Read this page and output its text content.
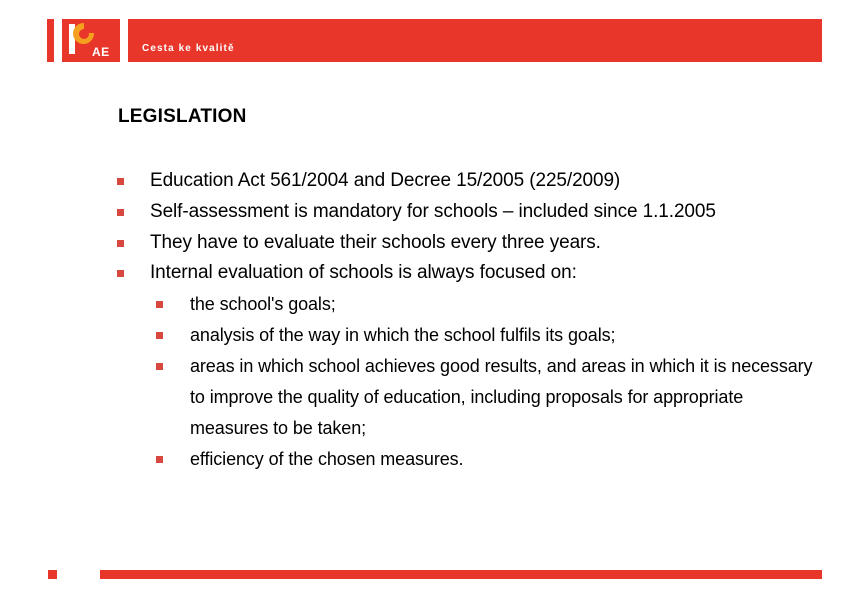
AE	Cesta ke kvalitě
LEGISLATION
Education Act 561/2004 and Decree 15/2005 (225/2009)
Self-assessment is mandatory for schools – included since 1.1.2005
They have to evaluate their schools every three years.
Internal evaluation of schools is always focused on:
the school's goals;
analysis of the way in which the school fulfils its goals;
areas in which school achieves good results, and areas in which it is necessary to improve the quality of education, including proposals for appropriate measures to be taken;
efficiency of the chosen measures.
